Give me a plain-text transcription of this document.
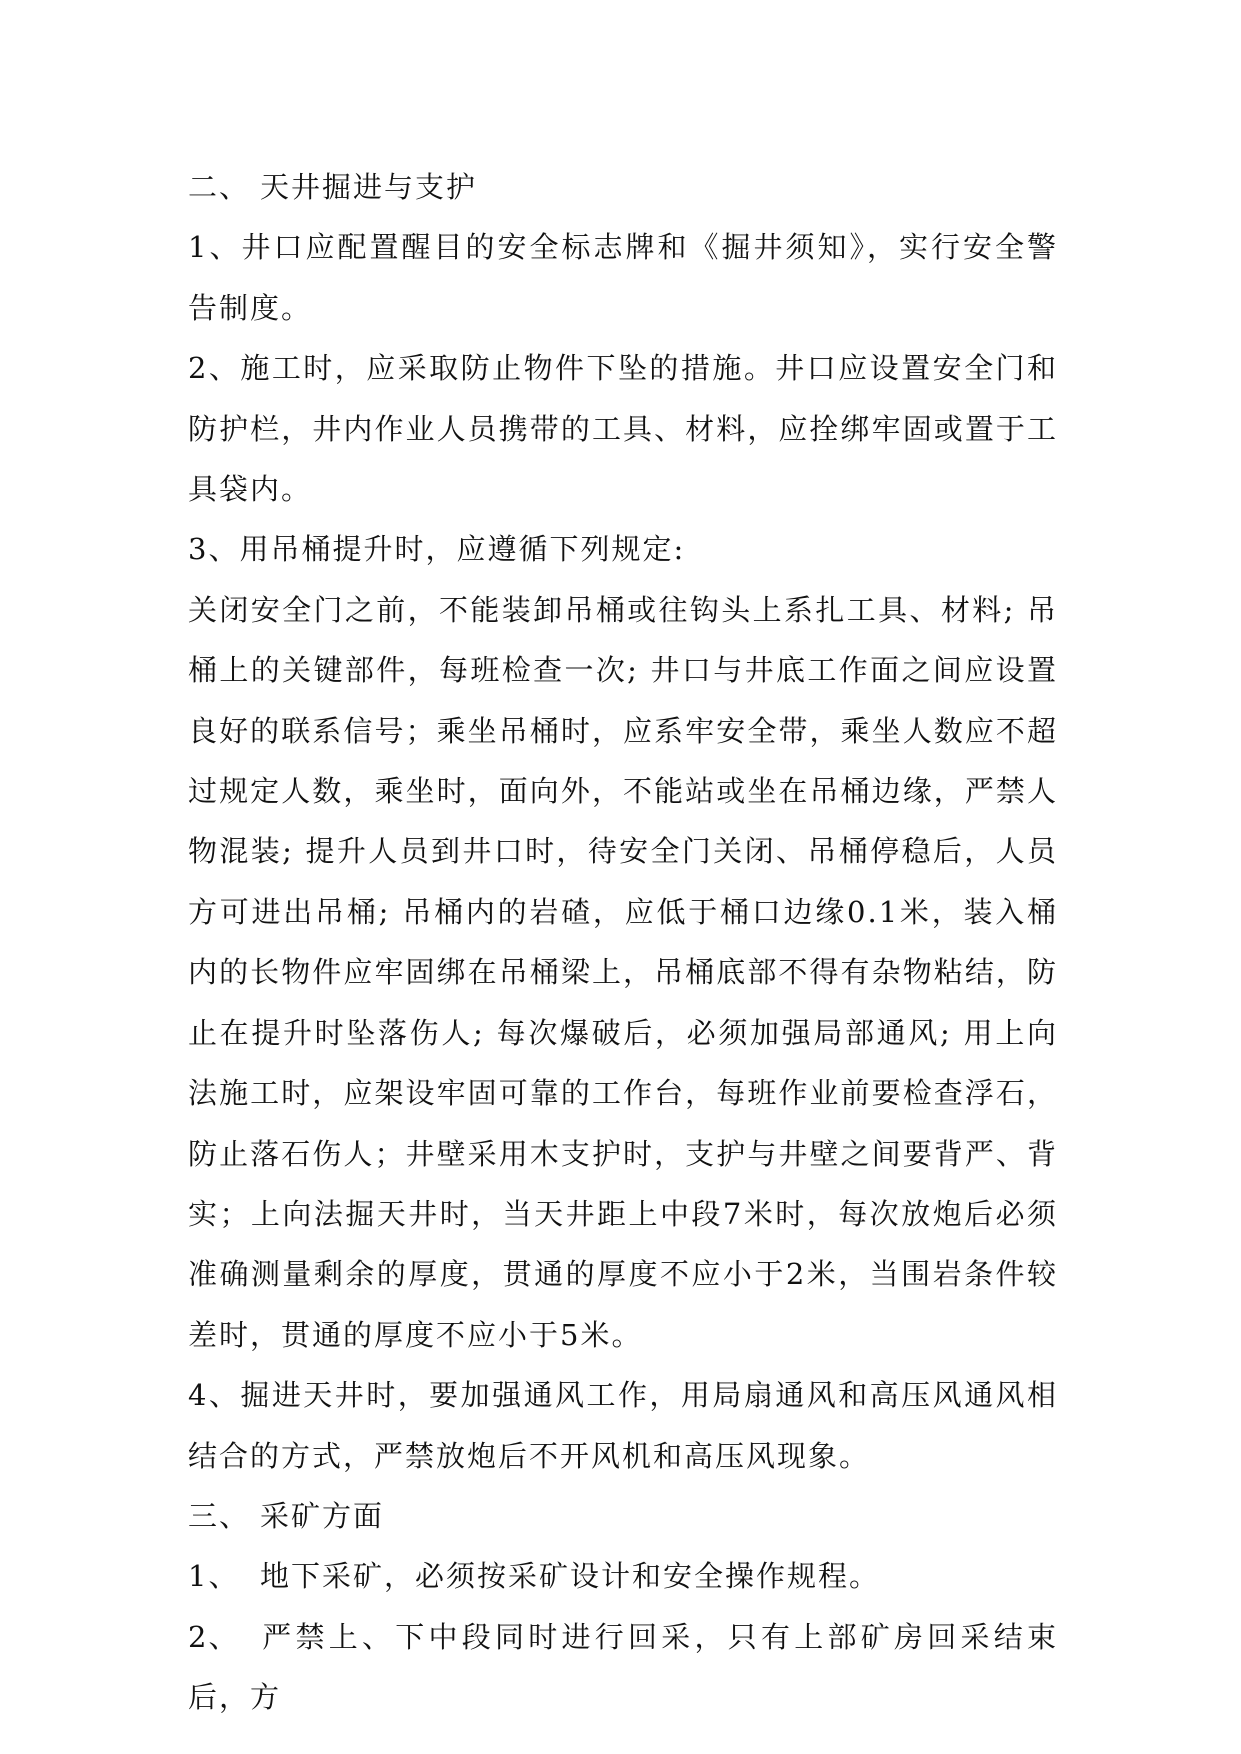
二、 天井掘进与支护

1、井口应配置醒目的安全标志牌和《掘井须知》，实行安全警告制度。

2、施工时，应采取防止物件下坠的措施。井口应设置安全门和防护栏，井内作业人员携带的工具、材料，应拴绑牢固或置于工具袋内。

3、用吊桶提升时，应遵循下列规定:

关闭安全门之前，不能装卸吊桶或往钩头上系扎工具、材料; 吊桶上的关键部件，每班检查一次; 井口与井底工作面之间应设置良好的联系信号；乘坐吊桶时，应系牢安全带，乘坐人数应不超过规定人数，乘坐时，面向外，不能站或坐在吊桶边缘，严禁人物混装; 提升人员到井口时，待安全门关闭、吊桶停稳后，人员方可进出吊桶; 吊桶内的岩碴，应低于桶口边缘0.1米，装入桶内的长物件应牢固绑在吊桶梁上，吊桶底部不得有杂物粘结，防止在提升时坠落伤人; 每次爆破后，必须加强局部通风; 用上向法施工时，应架设牢固可靠的工作台，每班作业前要检查浮石，防止落石伤人；井壁采用木支护时，支护与井壁之间要背严、背实；上向法掘天井时，当天井距上中段7米时，每次放炮后必须准确测量剩余的厚度，贯通的厚度不应小于2米，当围岩条件较差时，贯通的厚度不应小于5米。

4、掘进天井时，要加强通风工作，用局扇通风和高压风通风相结合的方式，严禁放炮后不开风机和高压风现象。

三、 采矿方面

1、 地下采矿，必须按采矿设计和安全操作规程。

2、 严禁上、下中段同时进行回采，只有上部矿房回采结束后，方
